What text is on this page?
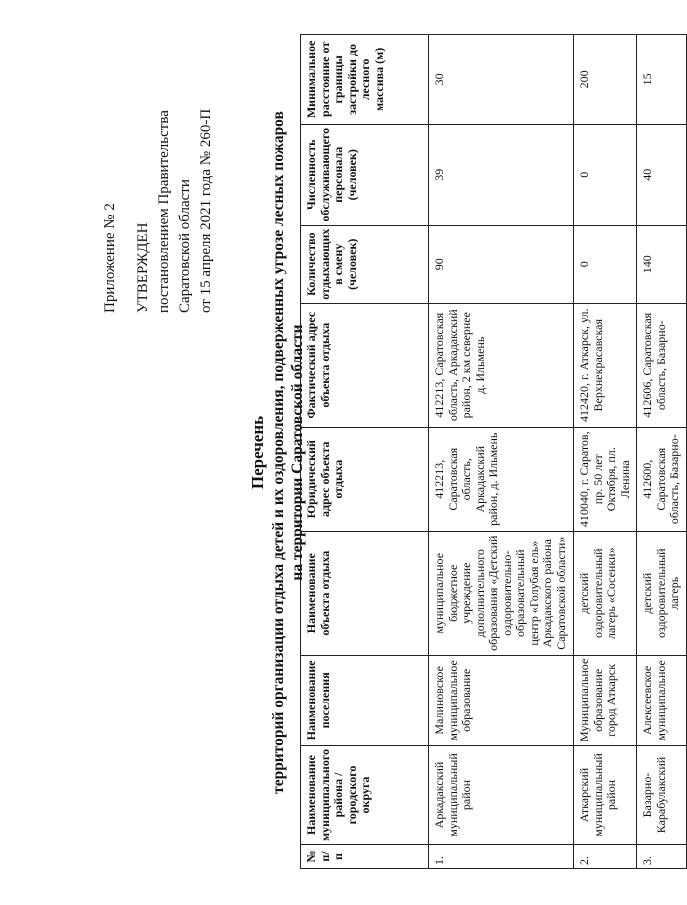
Приложение № 2 УТВЕРЖДЕН постановлением Правительства Саратовской области от 15 апреля 2021 года № 260-П
Перечень территорий организации отдыха детей и их оздоровления, подверженных угрозе лесных пожаров на территории Саратовской области
№ п/п	Наименование муниципального района / городского округа	Наименование поселения	Наименование объекта отдыха	Юридический адрес объекта отдыха	Фактический адрес объекта отдыха	Количество отдыхающих в смену (человек)	Численность обслуживающего персонала (человек)	Минимальное расстояние от границы застройки до лесного массива (м)
1.	Аркадакский муниципальный район	Малиновское муниципальное образование	муниципальное бюджетное учреждение дополнительного образования «Детский оздоровительно-образовательный центр «Голубая ель» Аркадакского района Саратовской области»	412213, Саратовская область, Аркадакский район, д. Ильмень	412213, Саратовская область, Аркадакский район, 2 км севернее д. Ильмень	90	39	30
2.	Аткарский муниципальный район	Муниципальное образование город Аткарск	детский оздоровительный лагерь «Сосенки»	410040, г. Саратов, пр. 50 лет Октября, пл. Ленина	412420, г. Аткарск, ул. Верхнекрасавская	0	0	200
3.	Базарно-Карабулакский	Алексеевское муниципальное	детский оздоровительный лагерь	412600, Саратовская область, Базарно-	412606, Саратовская область, Базарно-	140	40	15
